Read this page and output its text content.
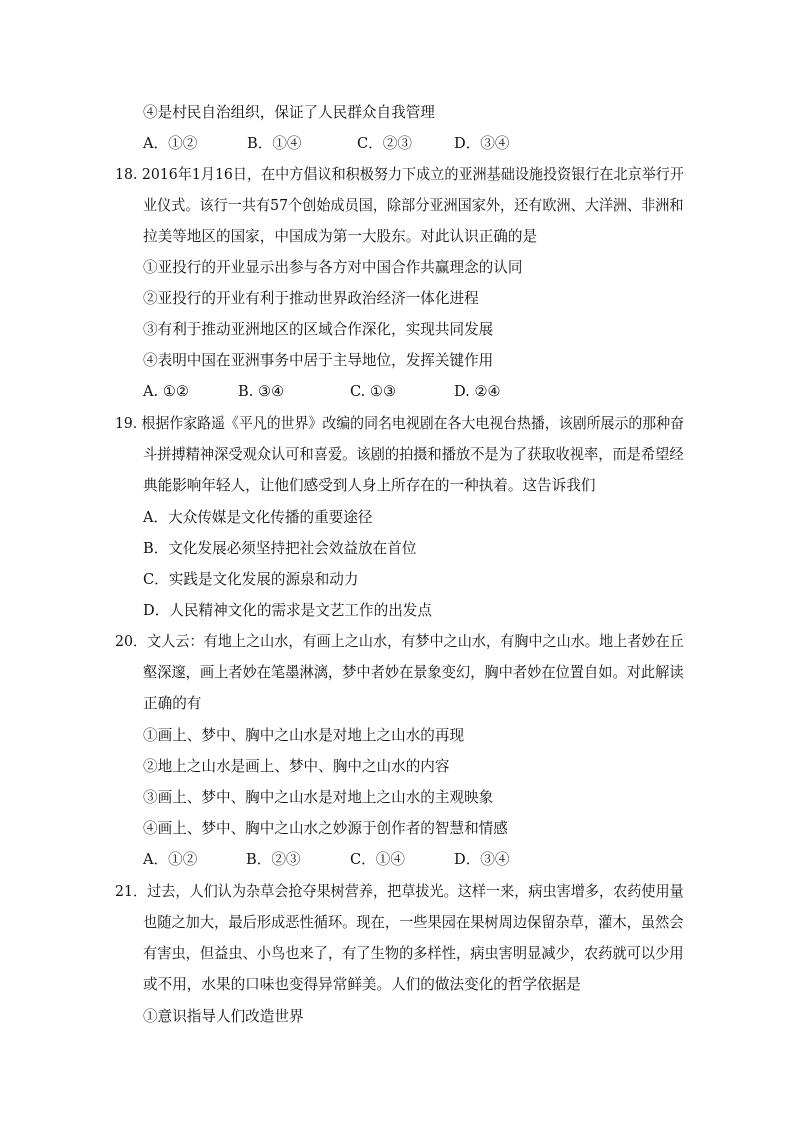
④是村民自治组织，保证了人民群众自我管理
A．①②	B．①④	C．②③	D．③④
18. 2016年1月16日，在中方倡议和积极努力下成立的亚洲基础设施投资银行在北京举行开
业仪式。该行一共有57个创始成员国，除部分亚洲国家外，还有欧洲、大洋洲、非洲和
拉美等地区的国家，中国成为第一大股东。对此认识正确的是
①亚投行的开业显示出参与各方对中国合作共赢理念的认同
②亚投行的开业有利于推动世界政治经济一体化进程
③有利于推动亚洲地区的区域合作深化，实现共同发展
④表明中国在亚洲事务中居于主导地位，发挥关键作用
A. ①②	B. ③④	C. ①③	D. ②④
19. 根据作家路遥《平凡的世界》改编的同名电视剧在各大电视台热播，该剧所展示的那种奋
斗拼搏精神深受观众认可和喜爱。该剧的拍摄和播放不是为了获取收视率，而是希望经
典能影响年轻人，让他们感受到人身上所存在的一种执着。这告诉我们
A．大众传媒是文化传播的重要途径
B．文化发展必须坚持把社会效益放在首位
C．实践是文化发展的源泉和动力
D．人民精神文化的需求是文艺工作的出发点
20．文人云：有地上之山水，有画上之山水，有梦中之山水，有胸中之山水。地上者妙在丘
壑深邃，画上者妙在笔墨淋漓，梦中者妙在景象变幻，胸中者妙在位置自如。对此解读
正确的有
①画上、梦中、胸中之山水是对地上之山水的再现
②地上之山水是画上、梦中、胸中之山水的内容
③画上、梦中、胸中之山水是对地上之山水的主观映象
④画上、梦中、胸中之山水之妙源于创作者的智慧和情感
A．①②	B．②③	C．①④	D．③④
21．过去，人们认为杂草会抢夺果树营养，把草拔光。这样一来，病虫害增多，农药使用量
也随之加大，最后形成恶性循环。现在，一些果园在果树周边保留杂草，灌木，虽然会
有害虫，但益虫、小鸟也来了，有了生物的多样性，病虫害明显减少，农药就可以少用
或不用，水果的口味也变得异常鲜美。人们的做法变化的哲学依据是
①意识指导人们改造世界
